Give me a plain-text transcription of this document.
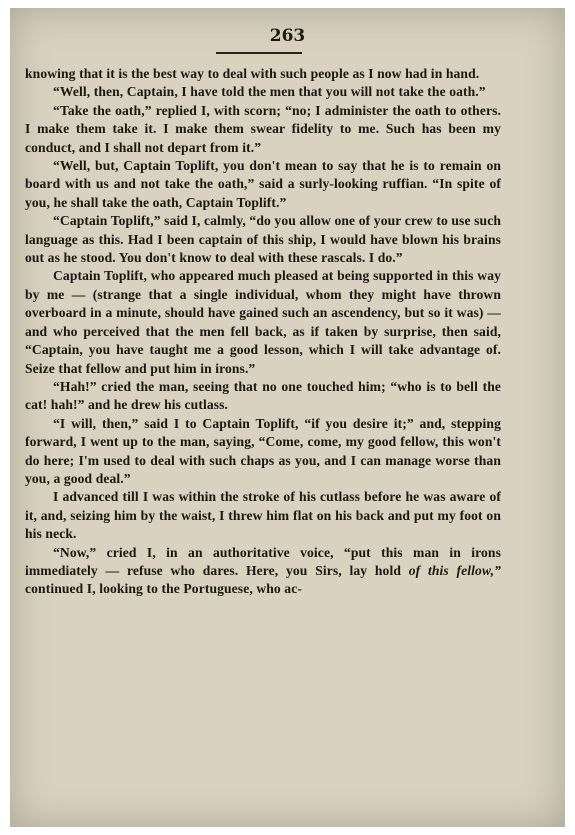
263

knowing that it is the best way to deal with such people as I now had in hand.

“Well, then, Captain, I have told the men that you will not take the oath.”

“Take the oath,” replied I, with scorn; “no; I administer the oath to others. I make them take it. I make them swear fidelity to me. Such has been my conduct, and I shall not depart from it.”

“Well, but, Captain Toplift, you don't mean to say that he is to remain on board with us and not take the oath,” said a surly-looking ruffian. “In spite of you, he shall take the oath, Captain Toplift.”

“Captain Toplift,” said I, calmly, “do you allow one of your crew to use such language as this. Had I been captain of this ship, I would have blown his brains out as he stood. You don't know to deal with these rascals. I do.”

Captain Toplift, who appeared much pleased at being supported in this way by me — (strange that a single individual, whom they might have thrown overboard in a minute, should have gained such an ascendency, but so it was) — and who perceived that the men fell back, as if taken by surprise, then said, “Captain, you have taught me a good lesson, which I will take advantage of. Seize that fellow and put him in irons.”

“Hah!” cried the man, seeing that no one touched him; “who is to bell the cat! hah!” and he drew his cutlass.

“I will, then,” said I to Captain Toplift, “if you desire it;” and, stepping forward, I went up to the man, saying, “Come, come, my good fellow, this won't do here; I'm used to deal with such chaps as you, and I can manage worse than you, a good deal.”

I advanced till I was within the stroke of his cutlass before he was aware of it, and, seizing him by the waist, I threw him flat on his back and put my foot on his neck.

“Now,” cried I, in an authoritative voice, “put this man in irons immediately — refuse who dares. Here, you Sirs, lay hold of this fellow,” continued I, looking to the Portuguese, who ac-
